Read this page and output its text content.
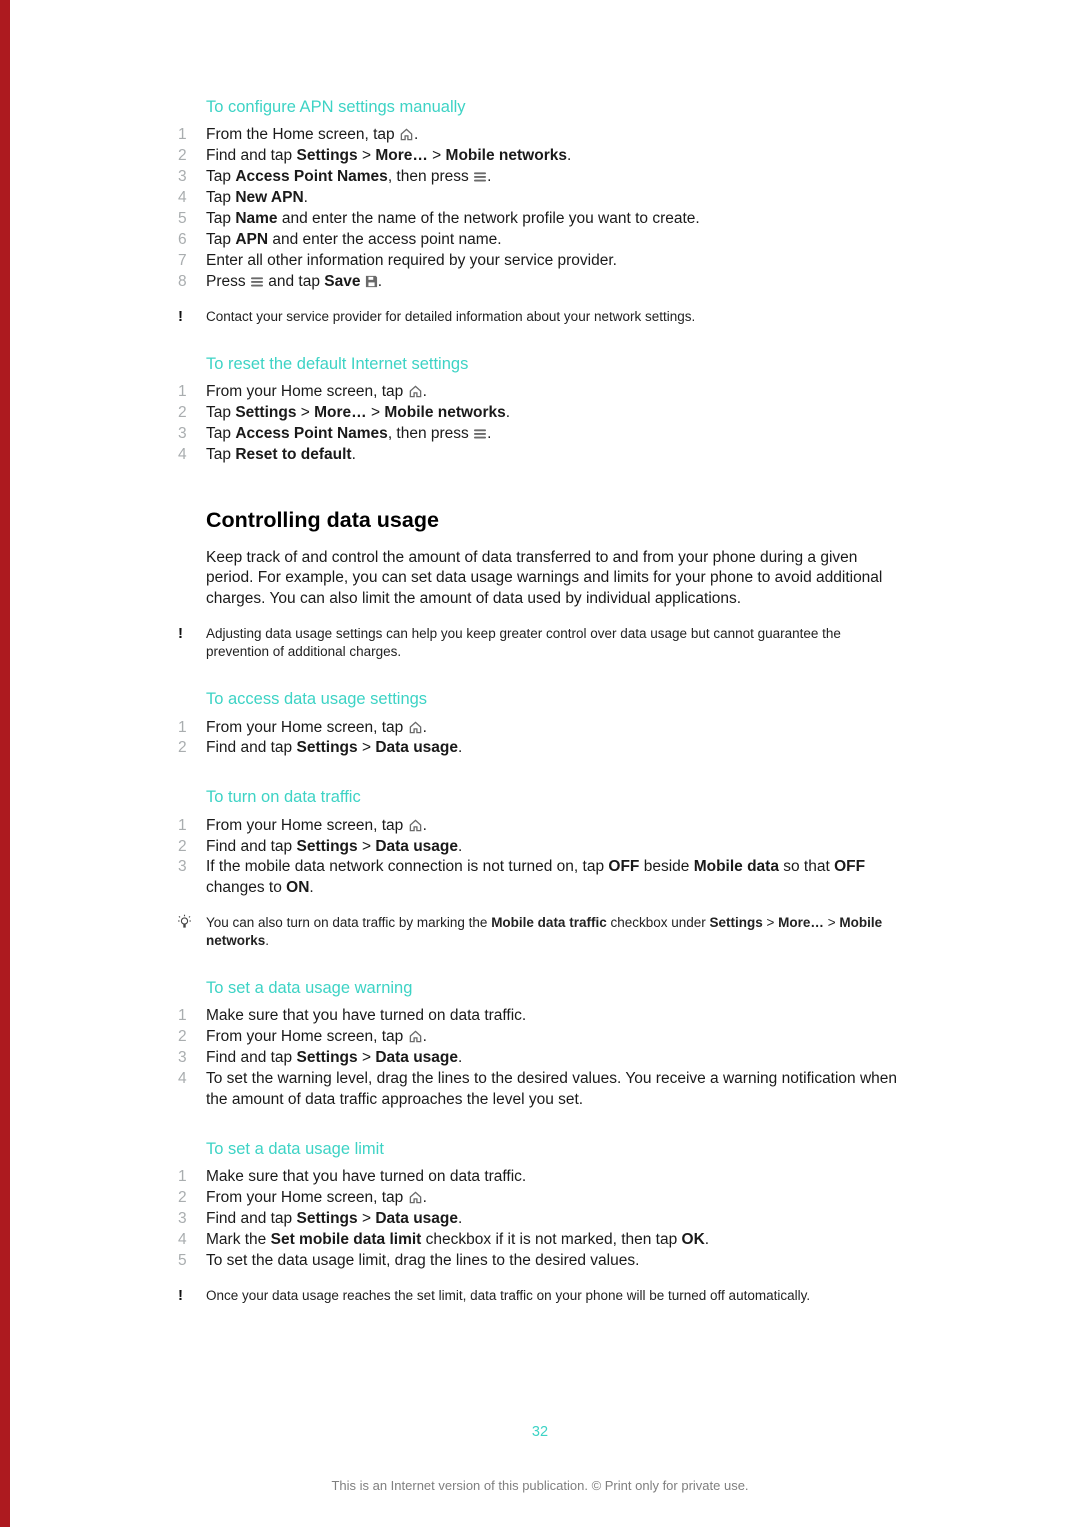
To configure APN settings manually
1	From the Home screen, tap .
2	Find and tap Settings > More… > Mobile networks.
3	Tap Access Point Names, then press .
4	Tap New APN.
5	Tap Name and enter the name of the network profile you want to create.
6	Tap APN and enter the access point name.
7	Enter all other information required by your service provider.
8	Press  and tap Save .
!	Contact your service provider for detailed information about your network settings.
To reset the default Internet settings
1	From your Home screen, tap .
2	Tap Settings > More… > Mobile networks.
3	Tap Access Point Names, then press .
4	Tap Reset to default.
Controlling data usage

Keep track of and control the amount of data transferred to and from your phone during a given period. For example, you can set data usage warnings and limits for your phone to avoid additional charges. You can also limit the amount of data used by individual applications.

!	Adjusting data usage settings can help you keep greater control over data usage but cannot guarantee the prevention of additional charges.
To access data usage settings
1	From your Home screen, tap .
2	Find and tap Settings > Data usage.
To turn on data traffic
1	From your Home screen, tap .
2	Find and tap Settings > Data usage.
3	If the mobile data network connection is not turned on, tap OFF beside Mobile data so that OFF changes to ON.
You can also turn on data traffic by marking the Mobile data traffic checkbox under Settings > More… > Mobile networks.
To set a data usage warning
1	Make sure that you have turned on data traffic.
2	From your Home screen, tap .
3	Find and tap Settings > Data usage.
4	To set the warning level, drag the lines to the desired values. You receive a warning notification when the amount of data traffic approaches the level you set.
To set a data usage limit
1	Make sure that you have turned on data traffic.
2	From your Home screen, tap .
3	Find and tap Settings > Data usage.
4	Mark the Set mobile data limit checkbox if it is not marked, then tap OK.
5	To set the data usage limit, drag the lines to the desired values.
!	Once your data usage reaches the set limit, data traffic on your phone will be turned off automatically.
32
This is an Internet version of this publication. © Print only for private use.
